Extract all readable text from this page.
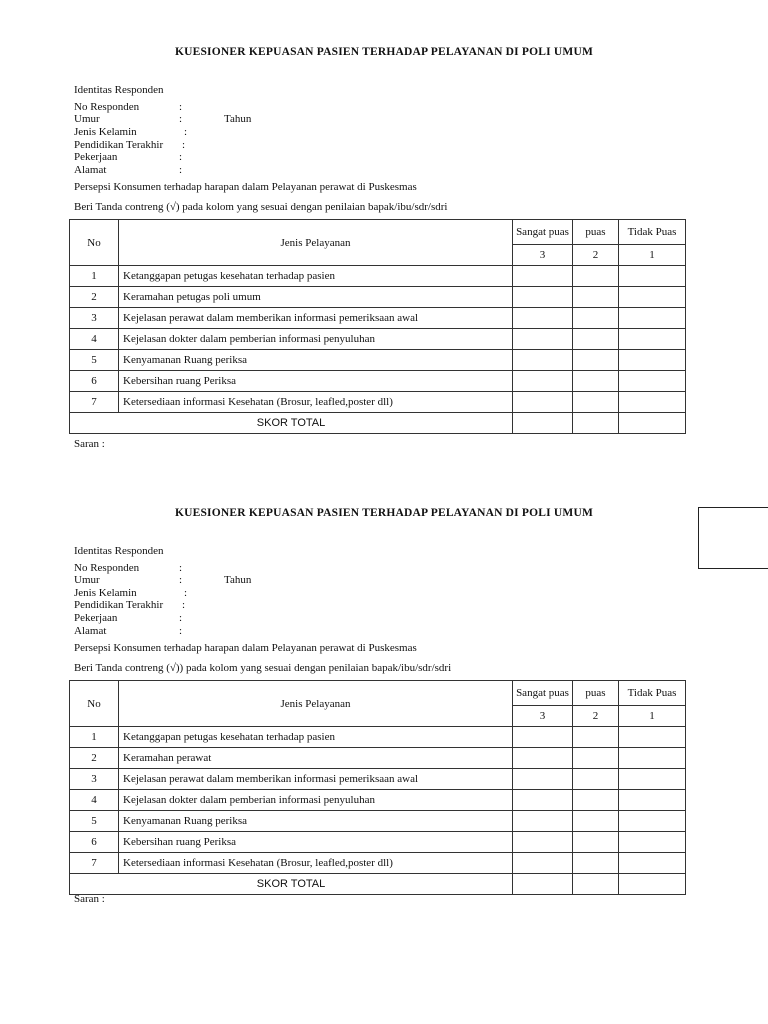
KUESIONER KEPUASAN PASIEN TERHADAP PELAYANAN DI POLI UMUM
Identitas Responden
No Responden	:
Umur	:	Tahun
Jenis Kelamin	:
Pendidikan Terakhir :
Pekerjaan	:
Alamat	:
Persepsi Konsumen terhadap harapan dalam Pelayanan perawat di Puskesmas
Beri Tanda contreng (√) pada kolom yang sesuai dengan penilaian bapak/ibu/sdr/sdri
No	Jenis Pelayanan	Sangat puas	puas	Tidak Puas
		3	2	1
1	Ketanggapan petugas kesehatan terhadap pasien			
2	Keramahan petugas poli umum			
3	Kejelasan perawat dalam memberikan informasi pemeriksaan awal			
4	Kejelasan dokter dalam pemberian informasi penyuluhan			
5	Kenyamanan Ruang periksa			
6	Kebersihan ruang Periksa			
7	Ketersediaan informasi Kesehatan (Brosur, leafled,poster dll)			
SKOR TOTAL				
Saran :
KUESIONER KEPUASAN PASIEN TERHADAP PELAYANAN DI POLI UMUM
Identitas Responden
No Responden	:
Umur	:	Tahun
Jenis Kelamin	:
Pendidikan Terakhir :
Pekerjaan	:
Alamat	:
Persepsi Konsumen terhadap harapan dalam Pelayanan perawat di Puskesmas
Beri Tanda contreng (√)) pada kolom yang sesuai dengan penilaian bapak/ibu/sdr/sdri
No	Jenis Pelayanan	Sangat puas	puas	Tidak Puas
		3	2	1
1	Ketanggapan petugas kesehatan terhadap pasien			
2	Keramahan perawat			
3	Kejelasan perawat dalam memberikan informasi pemeriksaan awal			
4	Kejelasan dokter dalam pemberian informasi penyuluhan			
5	Kenyamanan Ruang periksa			
6	Kebersihan ruang Periksa			
7	Ketersediaan informasi Kesehatan (Brosur, leafled,poster dll)			
SKOR TOTAL				
Saran :
